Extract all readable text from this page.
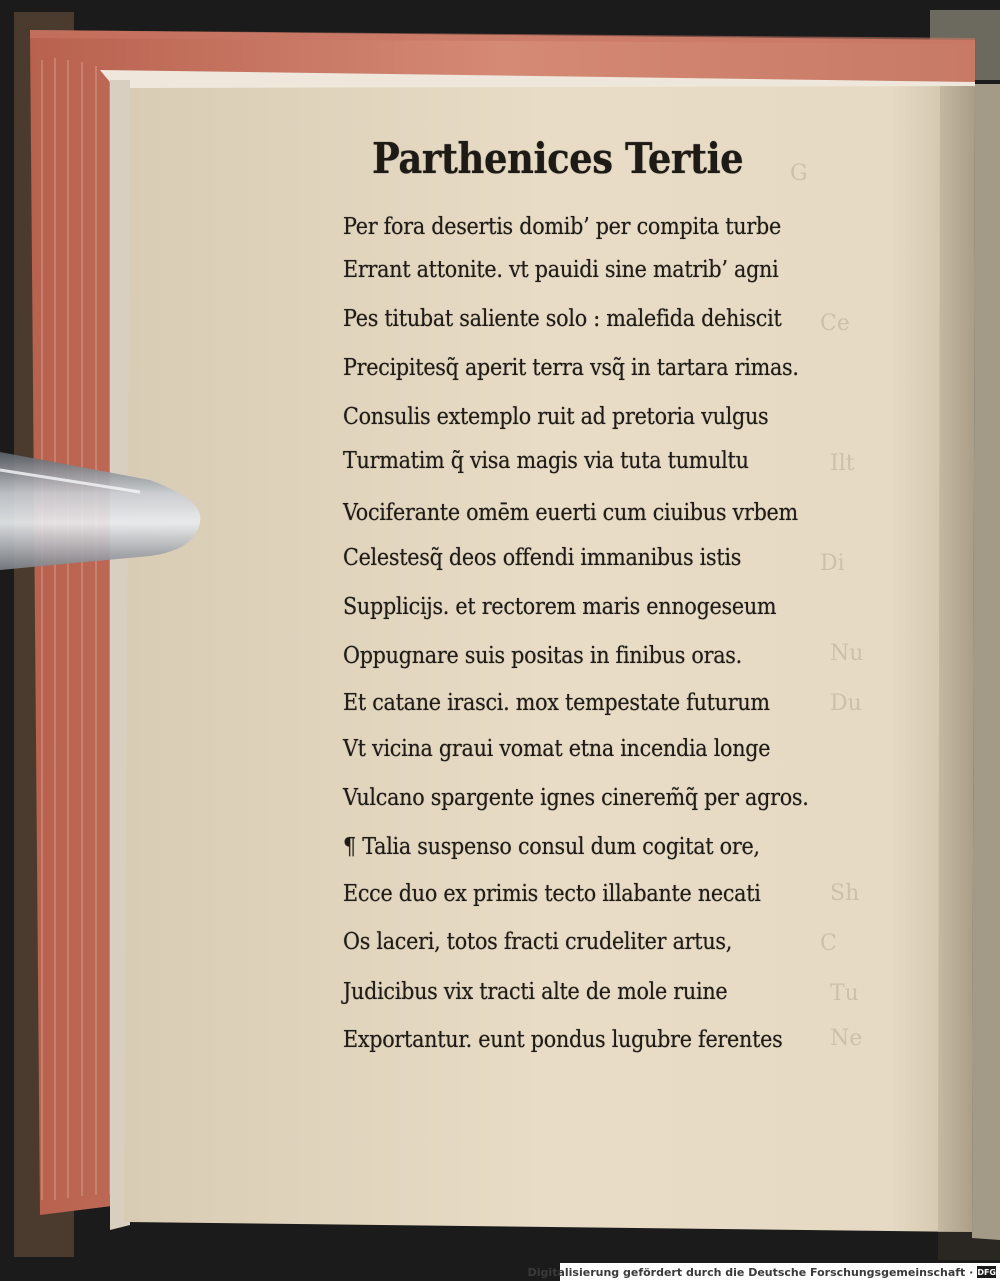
G
Ce
Ilt
Di
Nu
Du
Sh
C
Tu
Ne
Parthenices Tertie
Per fora desertis domib’ per compita turbe
Errant attonite. vt pauidi sine matrib’ agni
Pes titubat saliente solo : malefida dehiscit
Precipitesq̃ aperit terra vsq̃ in tartara rimas.
Consulis extemplo ruit ad pretoria vulgus
Turmatim q̃ visa magis via tuta tumultu
Vociferante omēm euerti cum ciuibus vrbem
Celestesq̃ deos offendi immanibus istis
Supplicijs. et rectorem maris ennogeseum
Oppugnare suis positas in finibus oras.
Et catane irasci. mox tempestate futurum
Vt vicina graui vomat etna incendia longe
Vulcano spargente ignes cinerem̃q̃ per agros.
¶ Talia suspenso consul dum cogitat ore,
Ecce duo ex primis tecto illabante necati
Os laceri, totos fracti crudeliter artus,
Judicibus vix tracti alte de mole ruine
Exportantur. eunt pondus lugubre ferentes
Digitalisierung gefördert durch die Deutsche Forschungsgemeinschaft · DFG
